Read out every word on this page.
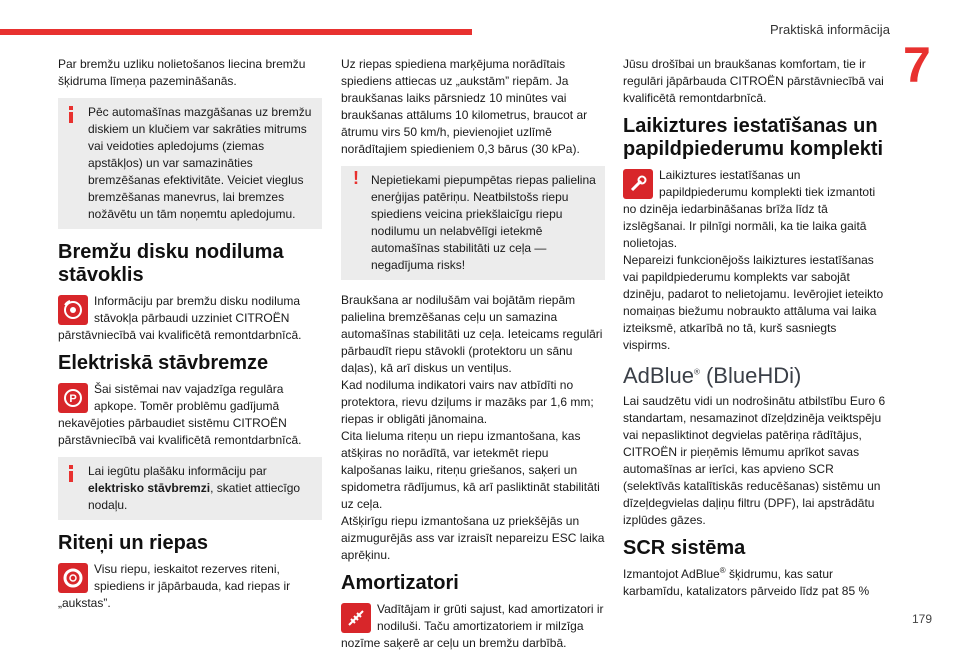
Praktiskā informācija
7

Par bremžu uzliku nolietošanos liecina bremžu šķidruma līmeņa pazemināšanās.

Pēc automašīnas mazgāšanas uz bremžu diskiem un klučiem var sakrāties mitrums vai veidoties apledojums (ziemas apstākļos) un var samazināties bremzēšanas efektivitāte. Veiciet vieglus bremzēšanas manevrus, lai bremzes nožāvētu un tām noņemtu apledojumu.
Bremžu disku nodiluma stāvoklis
Informāciju par bremžu disku nodiluma stāvokļa pārbaudi uzziniet CITROËN pārstāvniecībā vai kvalificētā remontdarbnīcā.
Elektriskā stāvbremze
P
Šai sistēmai nav vajadzīga regulāra apkope. Tomēr problēmu gadījumā nekavējoties pārbaudiet sistēmu CITROËN pārstāvniecībā vai kvalificētā remontdarbnīcā.
Lai iegūtu plašāku informāciju par elektrisko stāvbremzi, skatiet attiecīgo nodaļu.
Riteņi un riepas
Visu riepu, ieskaitot rezerves riteni, spiediens ir jāpārbauda, kad riepas ir „aukstas”.

Uz riepas spiediena marķējuma norādītais spiediens attiecas uz „aukstām” riepām. Ja braukšanas laiks pārsniedz 10 minūtes vai braukšanas attālums 10 kilometrus, braucot ar ātrumu virs 50 km/h, pievienojiet uzlīmē norādītajiem spiedieniem 0,3 bārus (30 kPa).

! Nepietiekami piepumpētas riepas palielina enerģijas patēriņu. Neatbilstošs riepu spiediens veicina priekšlaicīgu riepu nodilumu un nelabvēlīgi ietekmē automašīnas stabilitāti uz ceļa — negadījuma risks!

Braukšana ar nodilušām vai bojātām riepām palielina bremzēšanas ceļu un samazina automašīnas stabilitāti uz ceļa. Ieteicams regulāri pārbaudīt riepu stāvokli (protektoru un sānu daļas), kā arī diskus un ventiļus.

Kad nodiluma indikatori vairs nav atbīdīti no protektora, rievu dziļums ir mazāks par 1,6 mm; riepas ir obligāti jānomaina.

Cita lieluma riteņu un riepu izmantošana, kas atšķiras no norādītā, var ietekmēt riepu kalpošanas laiku, riteņu griešanos, saķeri un spidometra rādījumus, kā arī pasliktināt stabilitāti uz ceļa.

Atšķirīgu riepu izmantošana uz priekšējās un aizmugurējās ass var izraisīt nepareizu ESC laika aprēķinu.

Amortizatori
Vadītājam ir grūti sajust, kad amortizatori ir nodiluši. Taču amortizatoriem ir milzīga nozīme saķerē ar ceļu un bremžu darbībā.

Jūsu drošībai un braukšanas komfortam, tie ir regulāri jāpārbauda CITROËN pārstāvniecībā vai kvalificētā remontdarbnīcā.

Laikiztures iestatīšanas un papildpiederumu komplekti
Laikiztures iestatīšanas un papildpiederumu komplekti tiek izmantoti no dzinēja iedarbināšanas brīža līdz tā izslēgšanai. Ir pilnīgi normāli, ka tie laika gaitā nolietojas.

Nepareizi funkcionējošs laikiztures iestatīšanas vai papildpiederumu komplekts var sabojāt dzinēju, padarot to nelietojamu. Ievērojiet ieteikto nomaiņas biežumu nobraukto attāluma vai laika izteiksmē, atkarībā no tā, kurš sasniegts vispirms.

AdBlue® (BlueHDi)

Lai saudzētu vidi un nodrošinātu atbilstību Euro 6 standartam, nesamazinot dīzeļdzinēja veiktspēju vai nepasliktinot degvielas patēriņa rādītājus, CITROËN ir pieņēmis lēmumu aprīkot savas automašīnas ar ierīci, kas apvieno SCR (selektīvās katalītiskās reducēšanas) sistēmu un dīzeļdegvielas daļiņu filtru (DPF), lai apstrādātu izplūdes gāzes.

SCR sistēma

Izmantojot AdBlue® šķidrumu, kas satur karbamīdu, katalizators pārveido līdz pat 85 %

179
